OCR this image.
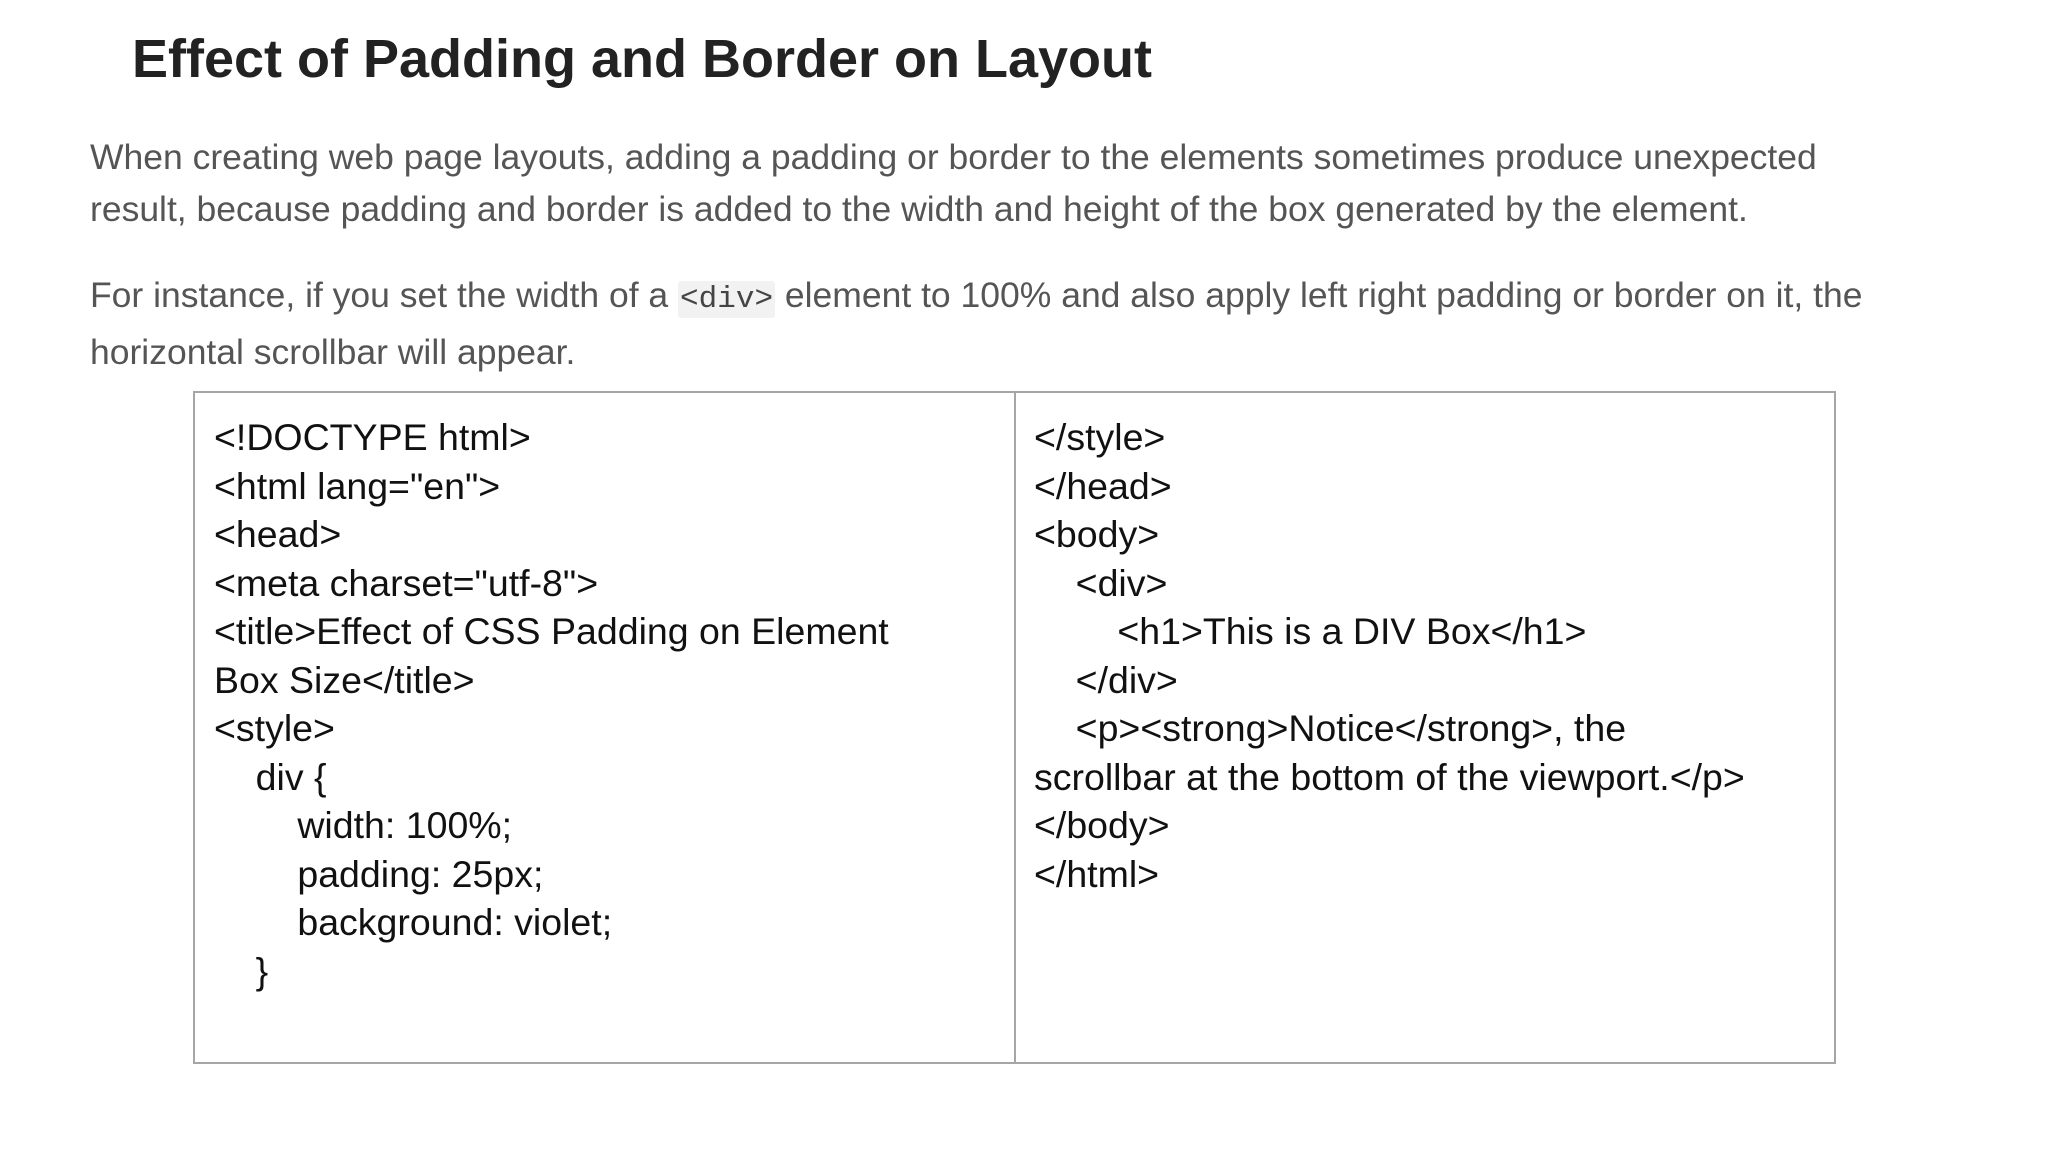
Effect of Padding and Border on Layout

When creating web page layouts, adding a padding or border to the elements sometimes produce unexpected
result, because padding and border is added to the width and height of the box generated by the element.

For instance, if you set the width of a <div> element to 100% and also apply left right padding or border on it, the
horizontal scrollbar will appear.

<!DOCTYPE html>
<html lang="en">
<head>
<meta charset="utf-8">
<title>Effect of CSS Padding on Element
Box Size</title>
<style>
div {
width: 100%;
padding: 25px;
background: violet;
}
</style>
</head>
<body>
<div>
<h1>This is a DIV Box</h1>
</div>
<p><strong>Notice</strong>, the
scrollbar at the bottom of the viewport.</p>
</body>
</html>
